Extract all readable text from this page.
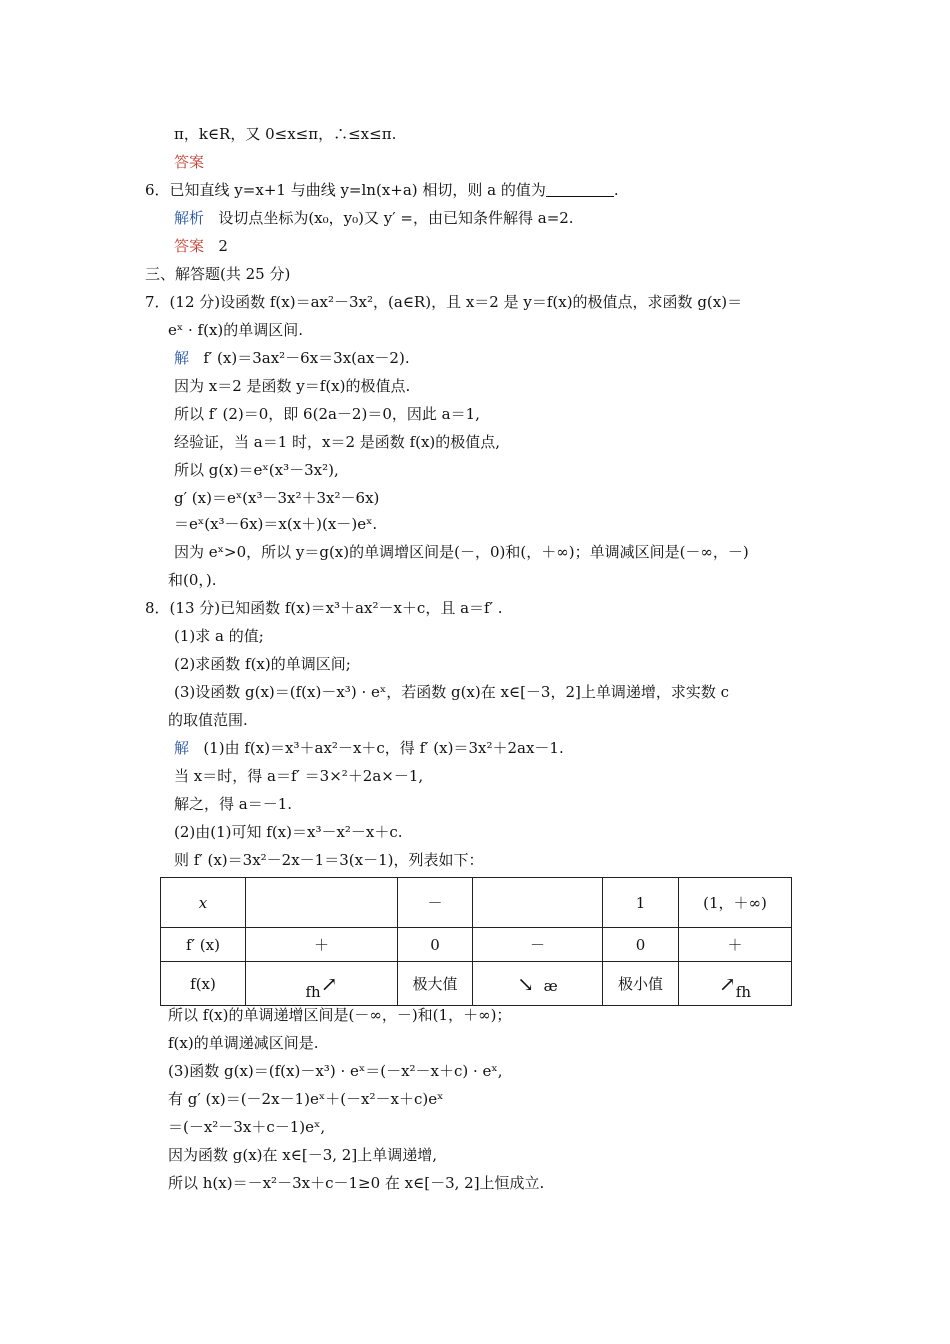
π，k∈R，又 0≤x≤π，∴≤x≤π.
答案
6．已知直线 y=x+1 与曲线 y=ln(x+a) 相切，则 a 的值为	.
解析 设切点坐标为(x₀，y₀)又 y′ =，由已知条件解得 a=2.
答案 2
三、解答题(共 25 分)
7．(12 分)设函数 f(x)＝ax²－3x²，(a∈R)，且 x＝2 是 y＝f(x)的极值点，求函数 g(x)＝
eˣ · f(x)的单调区间.
解 f′ (x)＝3ax²－6x＝3x(ax－2).
因为 x＝2 是函数 y＝f(x)的极值点.
所以 f′ (2)＝0，即 6(2a－2)＝0，因此 a＝1,
经验证，当 a＝1 时，x＝2 是函数 f(x)的极值点,
所以 g(x)＝eˣ(x³－3x²),
g′ (x)＝eˣ(x³－3x²＋3x²－6x)
＝eˣ(x³－6x)＝x(x＋)(x－)eˣ.
因为 eˣ>0，所以 y＝g(x)的单调增区间是(－，0)和(，＋∞)；单调减区间是(－∞，－)
和(0，).
8．(13 分)已知函数 f(x)＝x³＋ax²－x＋c，且 a＝f′ .
(1)求 a 的值;
(2)求函数 f(x)的单调区间;
(3)设函数 g(x)＝(f(x)－x³) · eˣ，若函数 g(x)在 x∈[－3，2]上单调递增，求实数 c
的取值范围.
解 (1)由 f(x)＝x³＋ax²－x＋c，得 f′ (x)＝3x²＋2ax－1.
当 x＝时，得 a＝f′ ＝3×²＋2a×－1,
解之，得 a＝－1.
(2)由(1)可知 f(x)＝x³－x²－x＋c.
则 f′ (x)＝3x²－2x－1＝3(x－1)，列表如下：
x		－		1	(1，＋∞)
f′ (x)	＋	0	－	0	＋
f(x)	fh↗	极大值	↘ æ	极小值	↗fh
所以 f(x)的单调递增区间是(－∞，－)和(1，＋∞)；
f(x)的单调递减区间是.
(3)函数 g(x)＝(f(x)－x³) · eˣ＝(－x²－x＋c) · eˣ,
有 g′ (x)＝(－2x－1)eˣ＋(－x²－x＋c)eˣ
＝(－x²－3x＋c－1)eˣ,
因为函数 g(x)在 x∈[－3, 2]上单调递增,
所以 h(x)＝－x²－3x＋c－1≥0 在 x∈[－3, 2]上恒成立.
